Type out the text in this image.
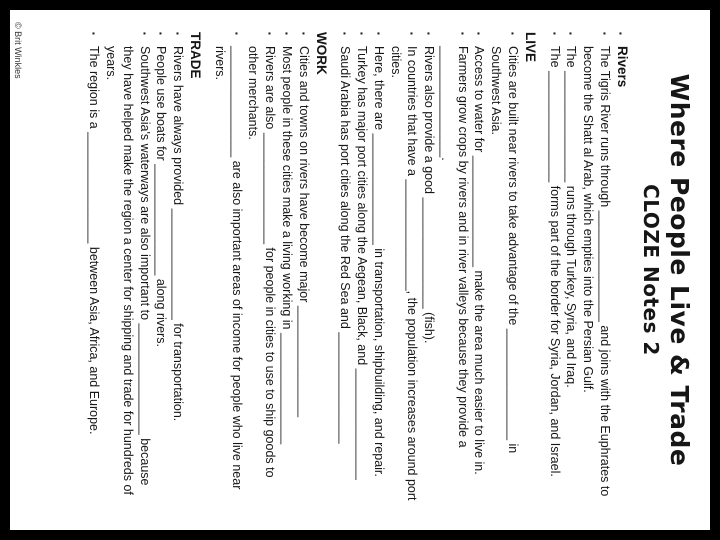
Where People Live & Trade
CLOZE Notes 2
▪
Rivers
▪
The Tigris River runs through ________________ and joins with the Euphrates to become the Shatt al Arab, which empties into the Persian Gulf.
▪
The ________________ runs through Turkey, Syria, and Iraq.
▪
The ________________ forms part of the border for Syria, Jordan, and Israel.
LIVE
▪
Cities are built near rivers to take advantage of the ________________ in Southwest Asia.
▪
Access to water for ________________ make the area much easier to live in.
▪
Farmers grow crops by rivers and in river valleys because they provide a ________________.
▪
Rivers also provide a good ________________ (fish).
▪
In countries that have a ________________, the population increases around port cities.
▪
Here, there are ________________ in transportation, shipbuilding, and repair.
▪
Turkey has major port cities along the Aegean, Black, and ________________
▪
Saudi Arabia has port cities along the Red Sea and ________________
WORK
▪
Cities and towns on rivers have become major ________________
▪
Most people in these cities make a living working in ________________
▪
Rivers are also ________________ for people in cities to use to ship goods to other merchants.
▪
________________ are also important areas of income for people who live near rivers.
TRADE
▪
Rivers have always provided ________________ for transportation.
▪
People use boats for ________________ along rivers.
▪
Southwest Asia's waterways are also important to ________________ because they have helped make the region a center for shipping and trade for hundreds of years.
▪
The region is a ________________ between Asia, Africa, and Europe.
© Brit Winkles
